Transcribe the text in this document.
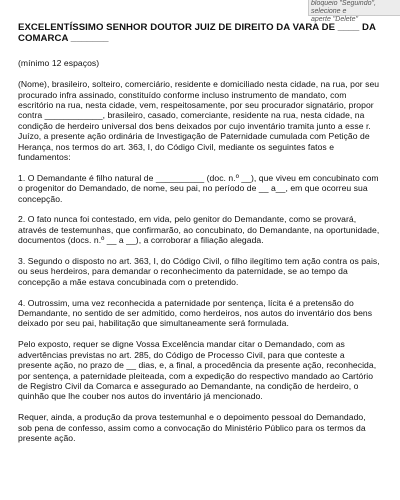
bloqueio "Seguindo", selecione e
aperte "Delete"
EXCELENTÍSSIMO SENHOR DOUTOR JUIZ DE DIREITO DA VARA DE ____ DA COMARCA _______

(mínimo 12 espaços)

(Nome), brasileiro, solteiro, comerciário, residente e domiciliado nesta cidade, na rua, por seu procurado infra assinado, constituído conforme incluso instrumento de mandato, com escritório na rua, nesta cidade, vem, respeitosamente, por seu procurador signatário, propor contra ____________, brasileiro, casado, comerciante, residente na rua, nesta cidade, na condição de herdeiro universal dos bens deixados por cujo inventário tramita junto a esse r. Juízo, a presente ação ordinária de Investigação de Paternidade cumulada com Petição de Herança, nos termos do art. 363, I, do Código Civil, mediante os seguintes fatos e fundamentos:

1. O Demandante é filho natural de __________ (doc. n.º __), que viveu em concubinato com o progenitor do Demandado, de nome, seu pai, no período de __ a__, em que ocorreu sua concepção.

2. O fato nunca foi contestado, em vida, pelo genitor do Demandante, como se provará, através de testemunhas, que confirmarão, ao concubinato, do Demandante, na oportunidade, documentos (docs. n.º __ a __), a corroborar a filiação alegada.

3. Segundo o disposto no art. 363, I, do Código Civil, o filho ilegítimo tem ação contra os pais, ou seus herdeiros, para demandar o reconhecimento da paternidade, se ao tempo da concepção a mãe estava concubinada com o pretendido.

4. Outrossim, uma vez reconhecida a paternidade por sentença, lícita é a pretensão do Demandante, no sentido de ser admitido, como herdeiros, nos autos do inventário dos bens deixado por seu pai, habilitação que simultaneamente será formulada.

Pelo exposto, requer se digne Vossa Excelência mandar citar o Demandado, com as advertências previstas no art. 285, do Código de Processo Civil, para que conteste a presente ação, no prazo de __ dias, e, a final, a procedência da presente ação, reconhecida, por sentença, a paternidade pleiteada, com a expedição do respectivo mandado ao Cartório de Registro Civil da Comarca e assegurado ao Demandante, na condição de herdeiro, o quinhão que lhe couber nos autos do inventário já mencionado.

Requer, ainda, a produção da prova testemunhal e o depoimento pessoal do Demandado, sob pena de confesso, assim como a convocação do Ministério Público para os termos da presente ação.
